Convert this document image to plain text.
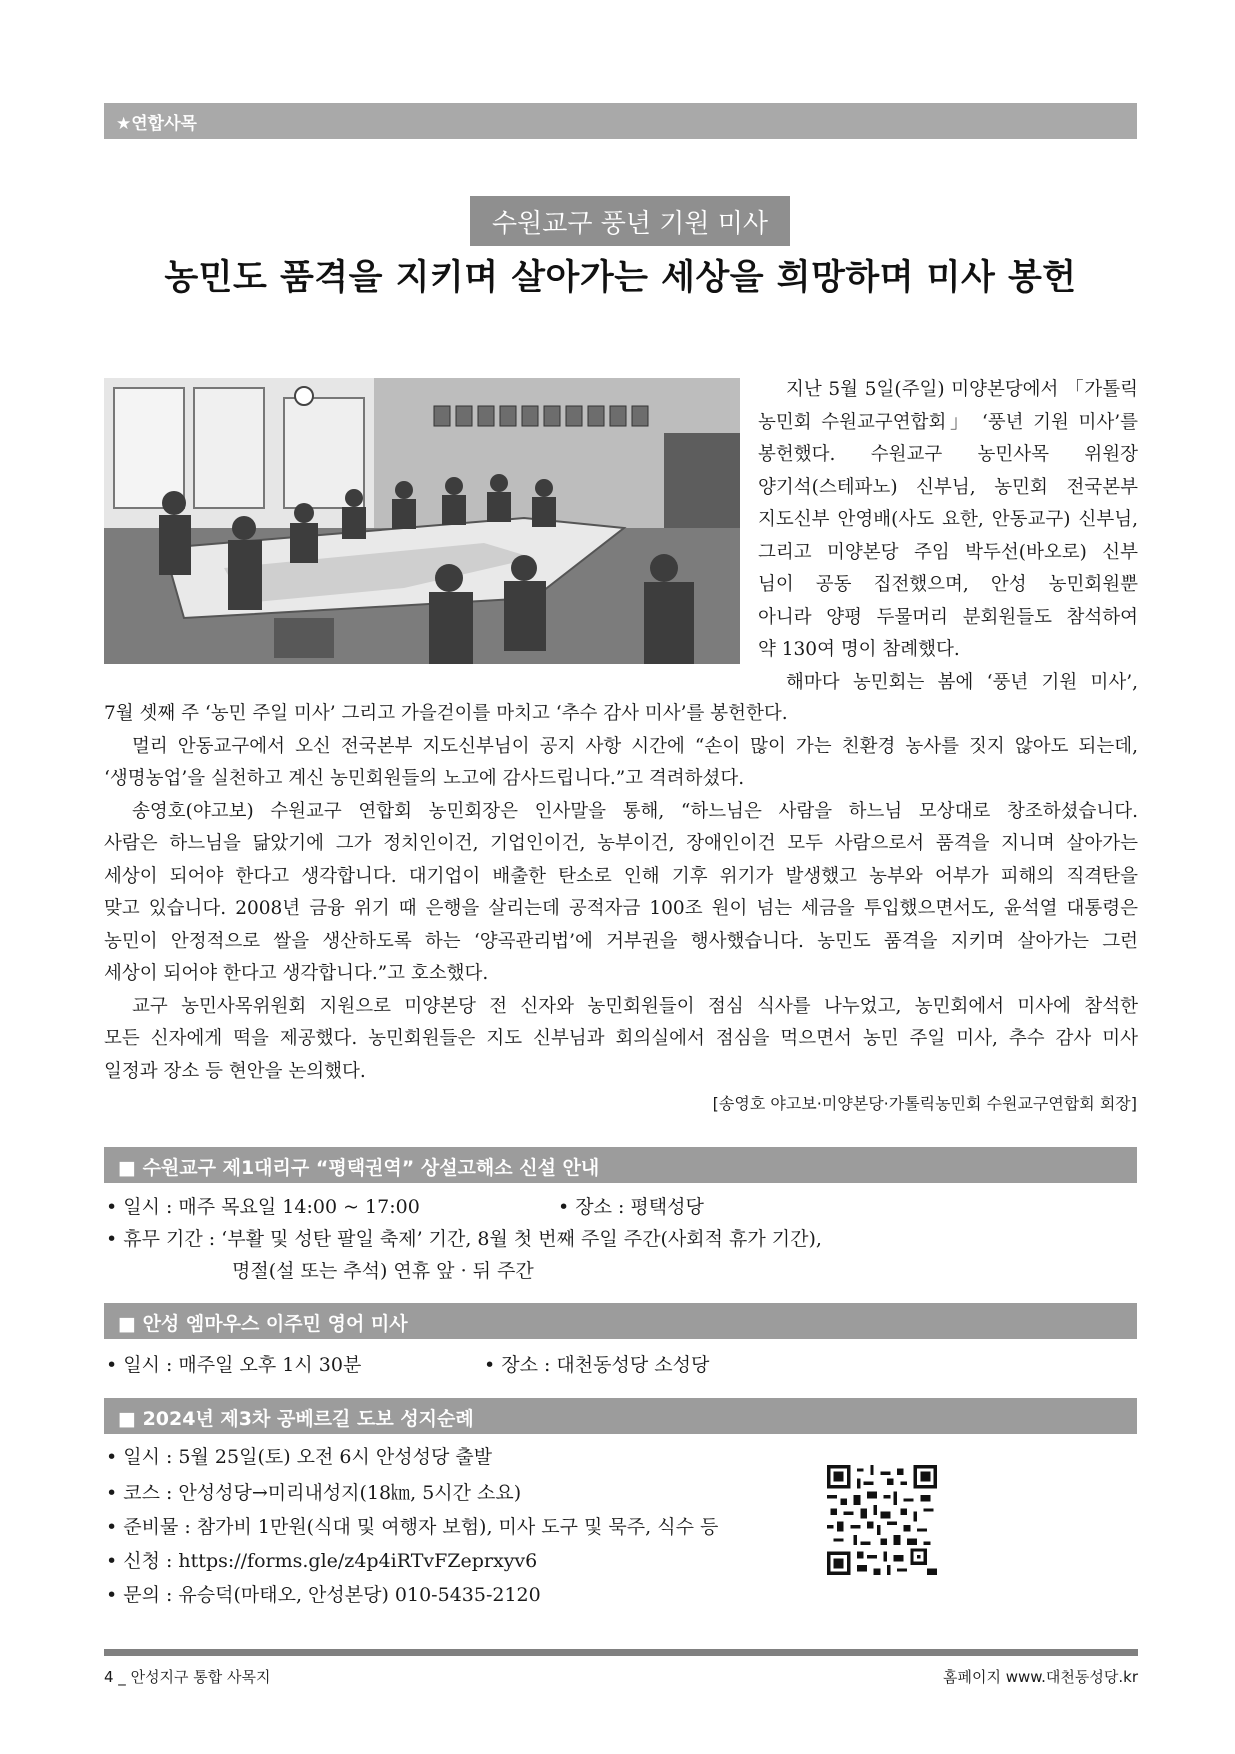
★연합사목
수원교구 풍년 기원 미사
농민도 품격을 지키며 살아가는 세상을 희망하며 미사 봉헌

지난 5월 5일(주일) 미양본당에서 「가톨릭

농민회 수원교구연합회」 ‘풍년 기원 미사’를

봉헌했다. 수원교구 농민사목 위원장

양기석(스테파노) 신부님, 농민회 전국본부

지도신부 안영배(사도 요한, 안동교구) 신부님,

그리고 미양본당 주임 박두선(바오로) 신부

님이 공동 집전했으며, 안성 농민회원뿐

아니라 양평 두물머리 분회원들도 참석하여

약 130여 명이 참례했다.

해마다 농민회는 봄에 ‘풍년 기원 미사’,

7월 셋째 주 ‘농민 주일 미사’ 그리고 가을걷이를 마치고 ‘추수 감사 미사’를 봉헌한다.

멀리 안동교구에서 오신 전국본부 지도신부님이 공지 사항 시간에 “손이 많이 가는 친환경 농사를 짓지 않아도 되는데,

‘생명농업’을 실천하고 계신 농민회원들의 노고에 감사드립니다.”고 격려하셨다.

송영호(야고보) 수원교구 연합회 농민회장은 인사말을 통해, “하느님은 사람을 하느님 모상대로 창조하셨습니다.

사람은 하느님을 닮았기에 그가 정치인이건, 기업인이건, 농부이건, 장애인이건 모두 사람으로서 품격을 지니며 살아가는

세상이 되어야 한다고 생각합니다. 대기업이 배출한 탄소로 인해 기후 위기가 발생했고 농부와 어부가 피해의 직격탄을

맞고 있습니다. 2008년 금융 위기 때 은행을 살리는데 공적자금 100조 원이 넘는 세금을 투입했으면서도, 윤석열 대통령은

농민이 안정적으로 쌀을 생산하도록 하는 ‘양곡관리법’에 거부권을 행사했습니다. 농민도 품격을 지키며 살아가는 그런

세상이 되어야 한다고 생각합니다.”고 호소했다.

교구 농민사목위원회 지원으로 미양본당 전 신자와 농민회원들이 점심 식사를 나누었고, 농민회에서 미사에 참석한

모든 신자에게 떡을 제공했다. 농민회원들은 지도 신부님과 회의실에서 점심을 먹으면서 농민 주일 미사, 추수 감사 미사

일정과 장소 등 현안을 논의했다.

[송영호 야고보·미양본당·가톨릭농민회 수원교구연합회 회장]
■ 수원교구 제1대리구 “평택권역” 상설고해소 신설 안내
• 일시 : 매주 목요일 14:00 ~ 17:00	• 장소 : 평택성당
• 휴무 기간 : ‘부활 및 성탄 팔일 축제’ 기간, 8월 첫 번째 주일 주간(사회적 휴가 기간),
명절(설 또는 추석) 연휴 앞 · 뒤 주간
■ 안성 엠마우스 이주민 영어 미사
• 일시 : 매주일 오후 1시 30분	• 장소 : 대천동성당 소성당
■ 2024년 제3차 공베르길 도보 성지순례
• 일시 : 5월 25일(토) 오전 6시 안성성당 출발
• 코스 : 안성성당→미리내성지(18㎞, 5시간 소요)
• 준비물 : 참가비 1만원(식대 및 여행자 보험), 미사 도구 및 묵주, 식수 등
• 신청 : https://forms.gle/z4p4iRTvFZeprxyv6
• 문의 : 유승덕(마태오, 안성본당) 010-5435-2120
4 _ 안성지구 통합 사목지	홈페이지 www.대천동성당.kr
